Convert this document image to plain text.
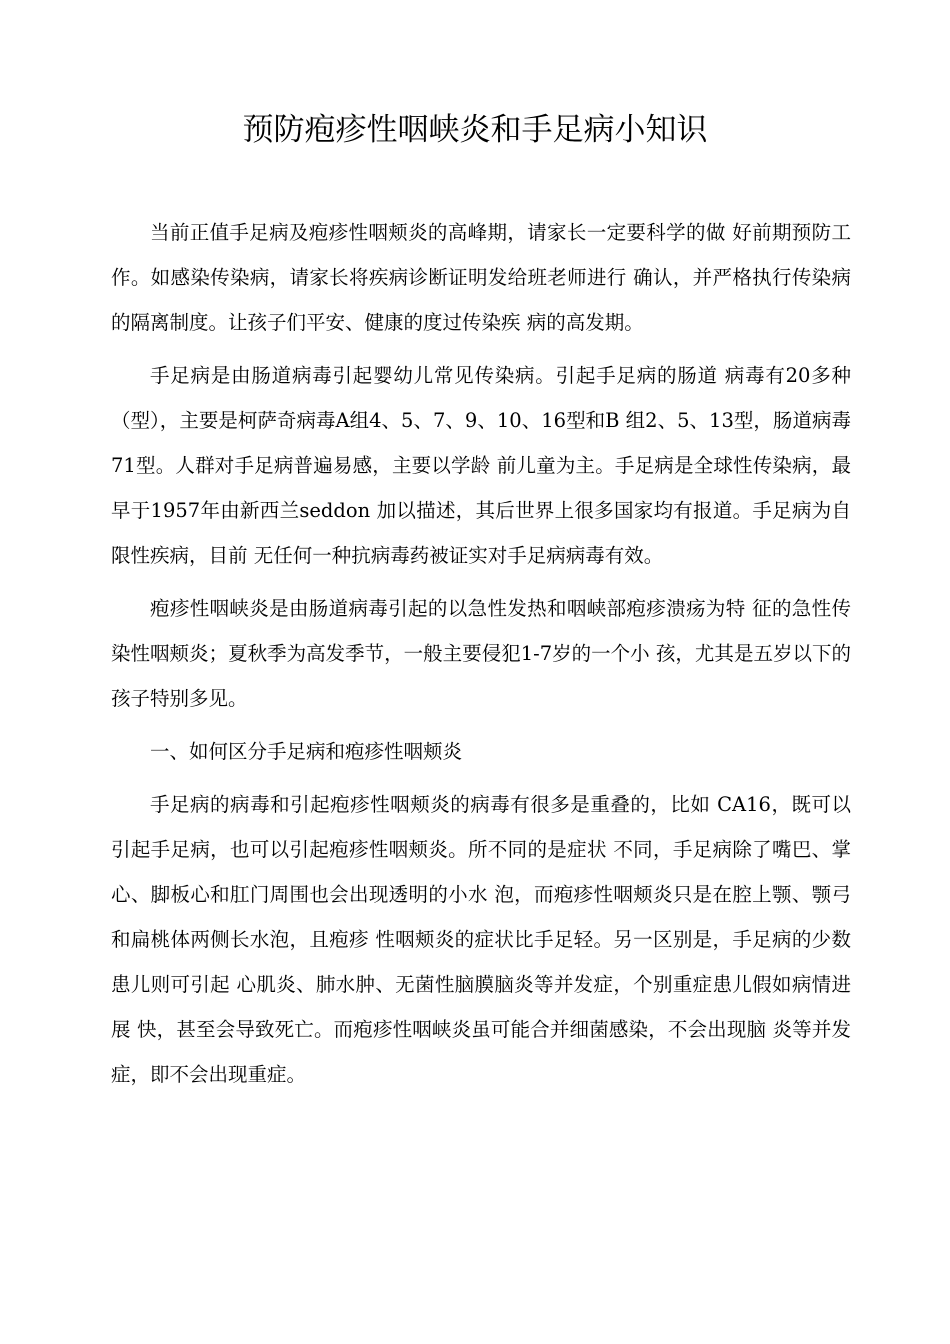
预防疱疹性咽峡炎和手足病小知识

当前正值手足病及疱疹性咽颊炎的高峰期，请家长一定要科学的做 好前期预防工作。如感染传染病，请家长将疾病诊断证明发给班老师进行 确认，并严格执行传染病的隔离制度。让孩子们平安、健康的度过传染疾 病的高发期。

手足病是由肠道病毒引起婴幼儿常见传染病。引起手足病的肠道 病毒有20多种（型），主要是柯萨奇病毒A组4、5、7、9、10、16型和B 组2、5、13型，肠道病毒71型。人群对手足病普遍易感，主要以学龄 前儿童为主。手足病是全球性传染病，最早于1957年由新西兰seddon 加以描述，其后世界上很多国家均有报道。手足病为自限性疾病，目前 无任何一种抗病毒药被证实对手足病病毒有效。

疱疹性咽峡炎是由肠道病毒引起的以急性发热和咽峡部疱疹溃疡为特 征的急性传染性咽颊炎；夏秋季为高发季节，一般主要侵犯1-7岁的一个小 孩，尤其是五岁以下的孩子特别多见。

一、如何区分手足病和疱疹性咽颊炎

手足病的病毒和引起疱疹性咽颊炎的病毒有很多是重叠的，比如 CA16，既可以引起手足病，也可以引起疱疹性咽颊炎。所不同的是症状 不同，手足病除了嘴巴、掌心、脚板心和肛门周围也会出现透明的小水 泡，而疱疹性咽颊炎只是在腔上颚、颚弓和扁桃体两侧长水泡，且疱疹 性咽颊炎的症状比手足轻。另一区别是，手足病的少数患儿则可引起 心肌炎、肺水肿、无菌性脑膜脑炎等并发症，个别重症患儿假如病情进展 快，甚至会导致死亡。而疱疹性咽峡炎虽可能合并细菌感染，不会出现脑 炎等并发症，即不会出现重症。
